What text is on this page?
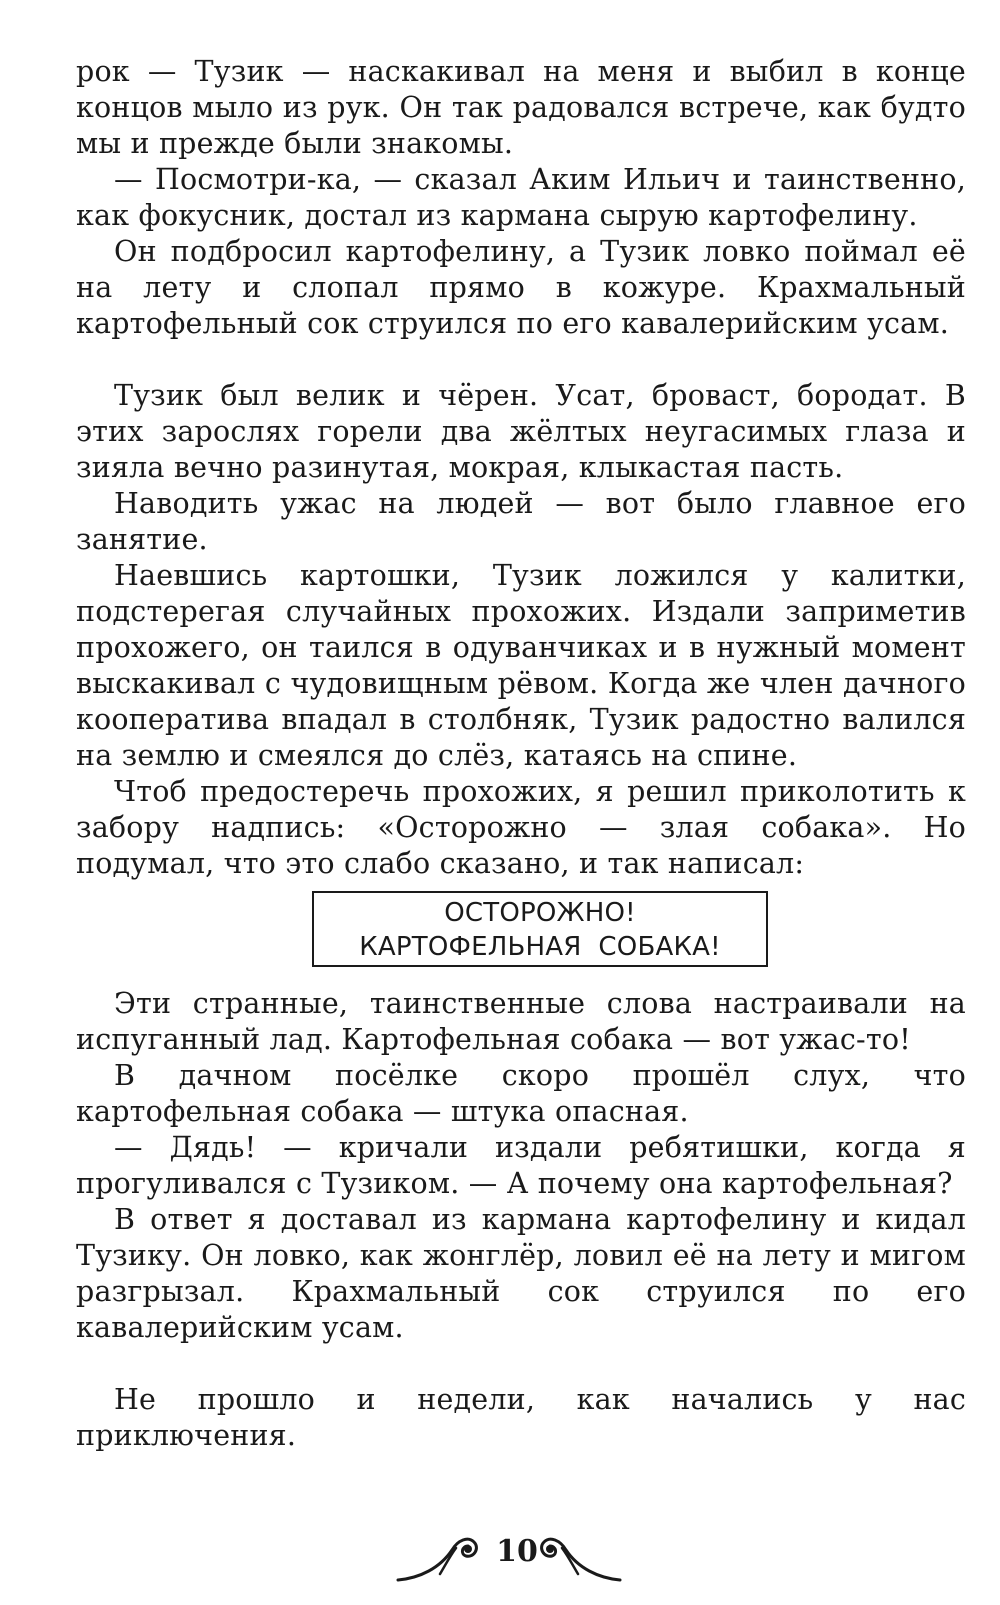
рок — Тузик — наскакивал на меня и выбил в конце концов мыло из рук. Он так радовался встрече, как будто мы и прежде были знакомы.

— Посмотри-ка, — сказал Аким Ильич и таинственно, как фокусник, достал из кармана сырую картофелину.

Он подбросил картофелину, а Тузик ловко поймал её на лету и слопал прямо в кожуре. Крахмальный картофельный сок струился по его кавалерийским усам.

Тузик был велик и чёрен. Усат, броваст, бородат. В этих зарослях горели два жёлтых неугасимых глаза и зияла вечно разинутая, мокрая, клыкастая пасть.

Наводить ужас на людей — вот было главное его занятие.

Наевшись картошки, Тузик ложился у калитки, подстерегая случайных прохожих. Издали заприметив прохожего, он таился в одуванчиках и в нужный момент выскакивал с чудовищным рёвом. Когда же член дачного кооператива впадал в столбняк, Тузик радостно валился на землю и смеялся до слёз, катаясь на спине.

Чтоб предостеречь прохожих, я решил приколотить к забору надпись: «Осторожно — злая собака». Но подумал, что это слабо сказано, и так написал:

ОСТОРОЖНО!
КАРТОФЕЛЬНАЯ  СОБАКА!

Эти странные, таинственные слова настраивали на испуганный лад. Картофельная собака — вот ужас-то!

В дачном посёлке скоро прошёл слух, что картофельная собака — штука опасная.

— Дядь! — кричали издали ребятишки, когда я прогуливался с Тузиком. — А почему она картофельная?

В ответ я доставал из кармана картофелину и кидал Тузику. Он ловко, как жонглёр, ловил её на лету и мигом разгрызал. Крахмальный сок струился по его кавалерийским усам.

Не прошло и недели, как начались у нас приключения.

10
